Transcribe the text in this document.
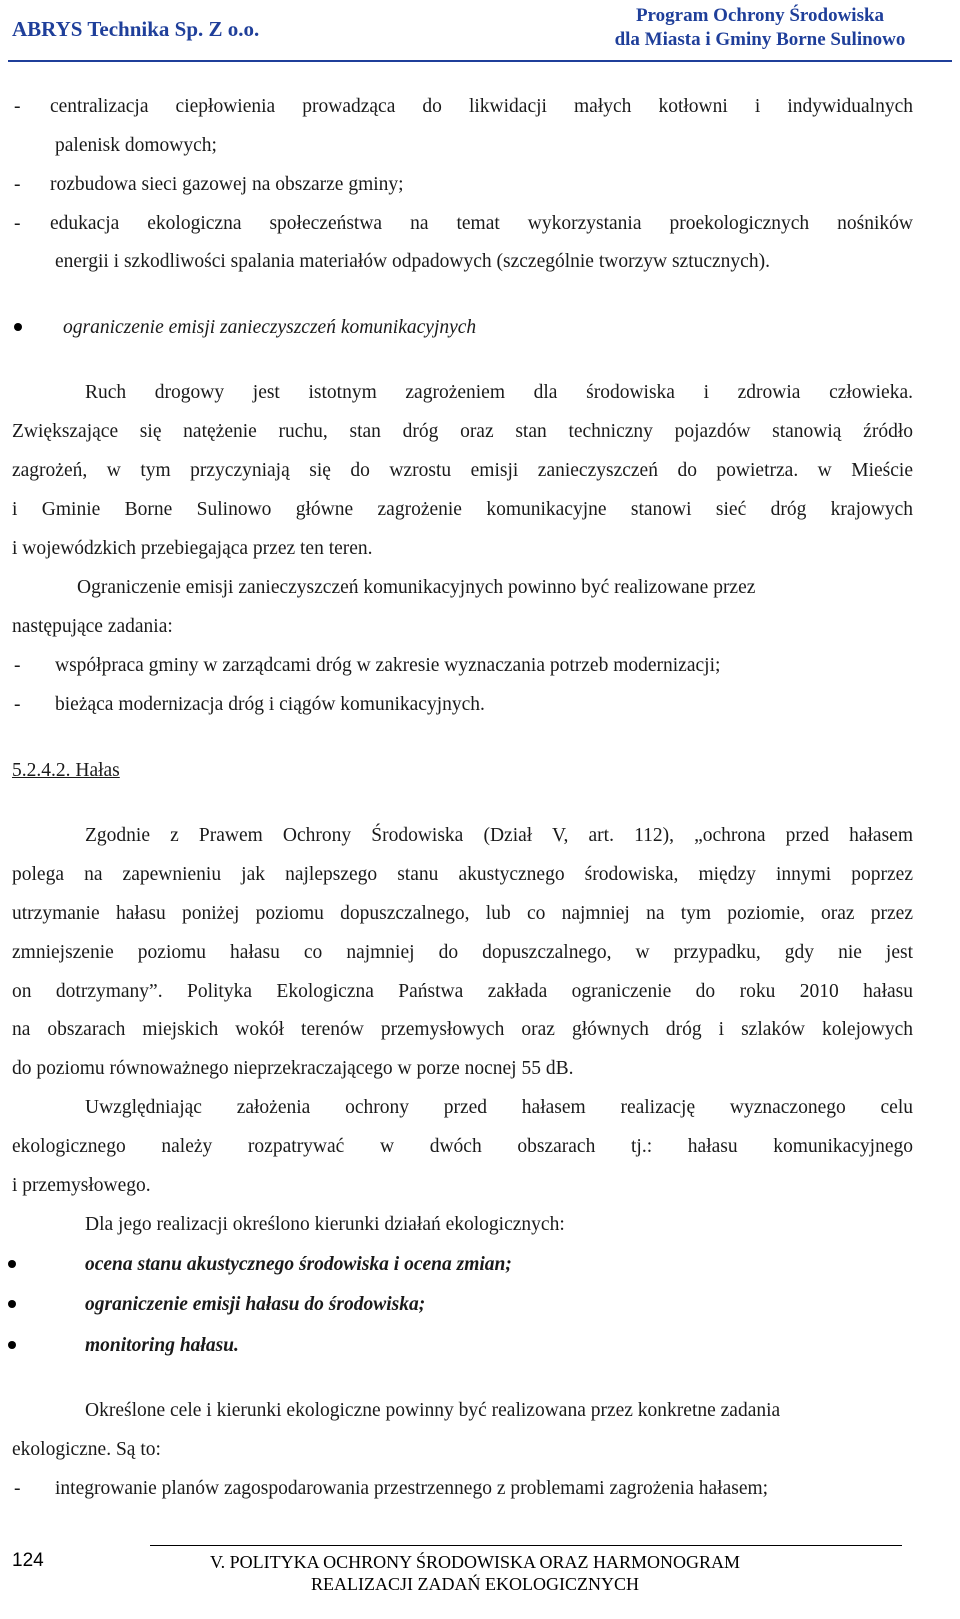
ABRYS Technika Sp. Z o.o.
Program Ochrony Środowiska
dla Miasta i Gminy Borne Sulinowo
- centralizacja ciepłowienia prowadząca do likwidacji małych kotłowni i indywidualnych
palenisk domowych;
- rozbudowa sieci gazowej na obszarze gminy;
- edukacja ekologiczna społeczeństwa na temat wykorzystania proekologicznych nośników
energii i szkodliwości spalania materiałów odpadowych (szczególnie tworzyw sztucznych).
ograniczenie emisji zanieczyszczeń komunikacyjnych
Ruch drogowy jest istotnym zagrożeniem dla środowiska i zdrowia człowieka.
Zwiększające się natężenie ruchu, stan dróg oraz stan techniczny pojazdów stanowią źródło
zagrożeń, w tym przyczyniają się do wzrostu emisji zanieczyszczeń do powietrza. w Mieście
i Gminie Borne Sulinowo główne zagrożenie komunikacyjne stanowi sieć dróg krajowych
i wojewódzkich przebiegająca przez ten teren.
Ograniczenie emisji zanieczyszczeń komunikacyjnych powinno być realizowane przez
następujące zadania:
- współpraca gminy w zarządcami dróg w zakresie wyznaczania potrzeb modernizacji;
- bieżąca modernizacja dróg i ciągów komunikacyjnych.
5.2.4.2. Hałas
Zgodnie z Prawem Ochrony Środowiska (Dział V, art. 112), „ochrona przed hałasem
polega na zapewnieniu jak najlepszego stanu akustycznego środowiska, między innymi poprzez
utrzymanie hałasu poniżej poziomu dopuszczalnego, lub co najmniej na tym poziomie, oraz przez
zmniejszenie poziomu hałasu co najmniej do dopuszczalnego, w przypadku, gdy nie jest
on dotrzymany”. Polityka Ekologiczna Państwa zakłada ograniczenie do roku 2010 hałasu
na obszarach miejskich wokół terenów przemysłowych oraz głównych dróg i szlaków kolejowych
do poziomu równoważnego nieprzekraczającego w porze nocnej 55 dB.
Uwzględniając założenia ochrony przed hałasem realizację wyznaczonego celu
ekologicznego należy rozpatrywać w dwóch obszarach tj.: hałasu komunikacyjnego
i przemysłowego.
Dla jego realizacji określono kierunki działań ekologicznych:
ocena stanu akustycznego środowiska i ocena zmian;
ograniczenie emisji hałasu do środowiska;
monitoring hałasu.
Określone cele i kierunki ekologiczne powinny być realizowana przez konkretne zadania
ekologiczne. Są to:
- integrowanie planów zagospodarowania przestrzennego z problemami zagrożenia hałasem;
124	V. POLITYKA OCHRONY ŚRODOWISKA ORAZ HARMONOGRAM
REALIZACJI ZADAŃ EKOLOGICZNYCH
